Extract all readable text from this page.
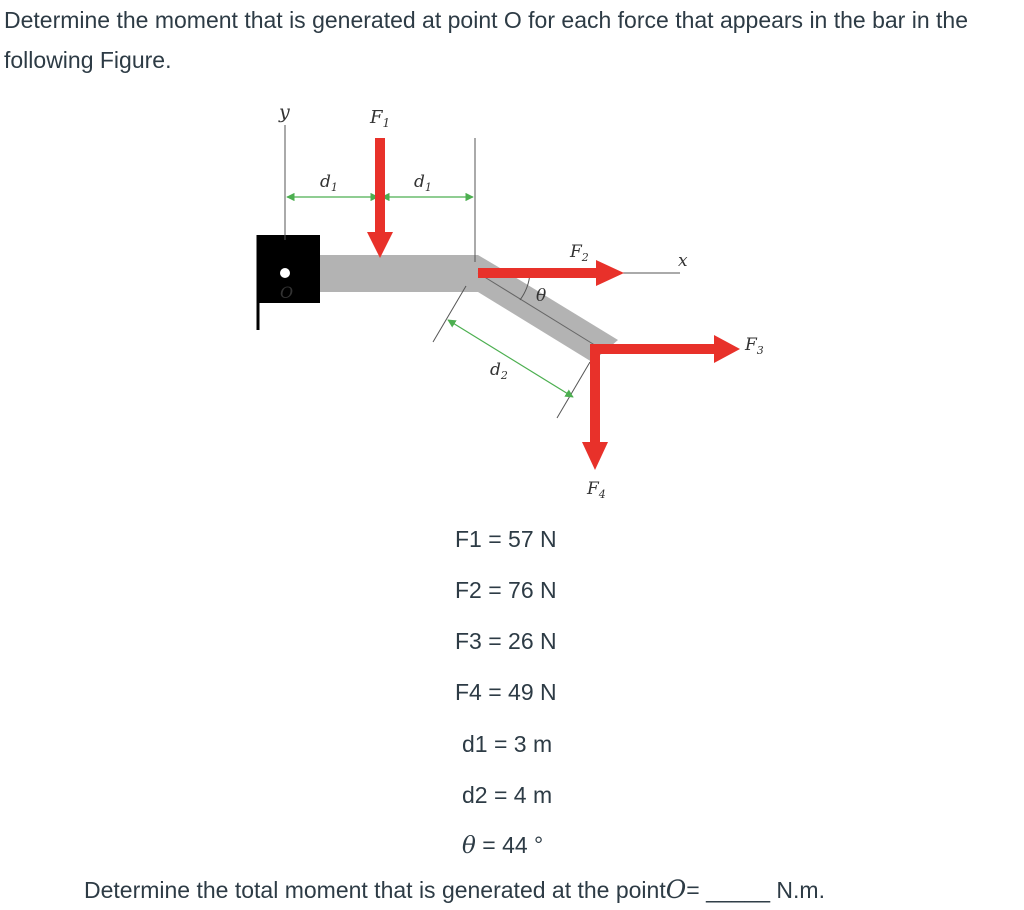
Determine the moment that is generated at point O for each force that appears in the bar in the following Figure.

O
y
x
$d_1$	$d_1$
θ
$d_2$
$F_1$
$F_2$
$F_3$
$F_4$
F1 = 57 N
F2 = 76 N
F3 = 26 N
F4 = 49 N
d1 = 3 m
d2 = 4 m
θ = 44 °
Determine the total moment that is generated at the pointO= _____ N.m.
